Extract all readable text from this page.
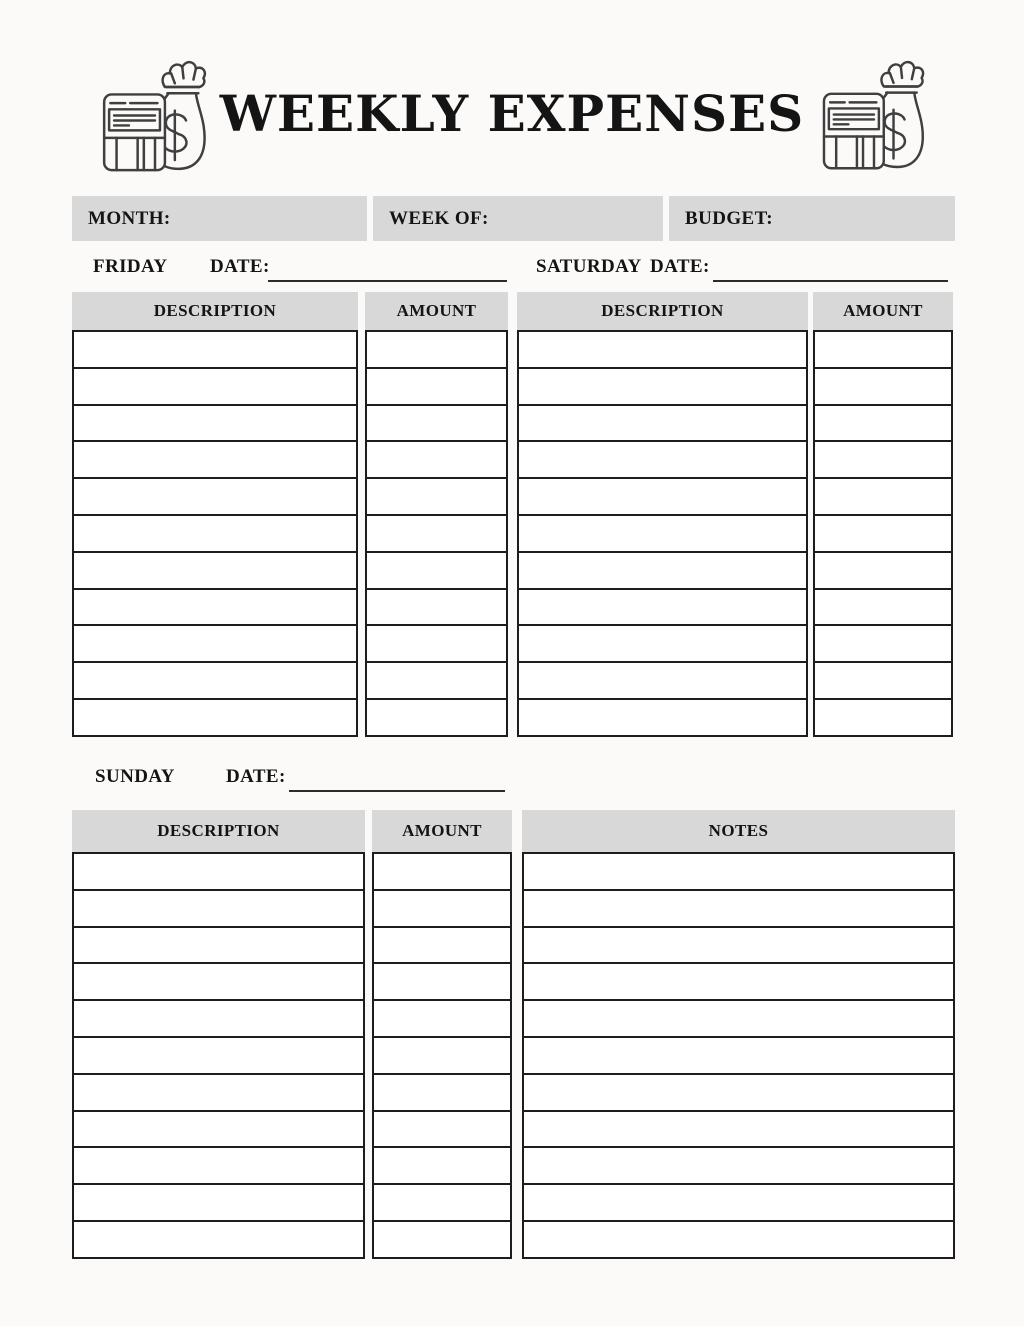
WEEKLY EXPENSES
MONTH:	WEEK OF:	BUDGET:
FRIDAY DATE:
DESCRIPTION	AMOUNT
SATURDAY DATE:
DESCRIPTION	AMOUNT
SUNDAY	DATE:
DESCRIPTION	AMOUNT	NOTES
